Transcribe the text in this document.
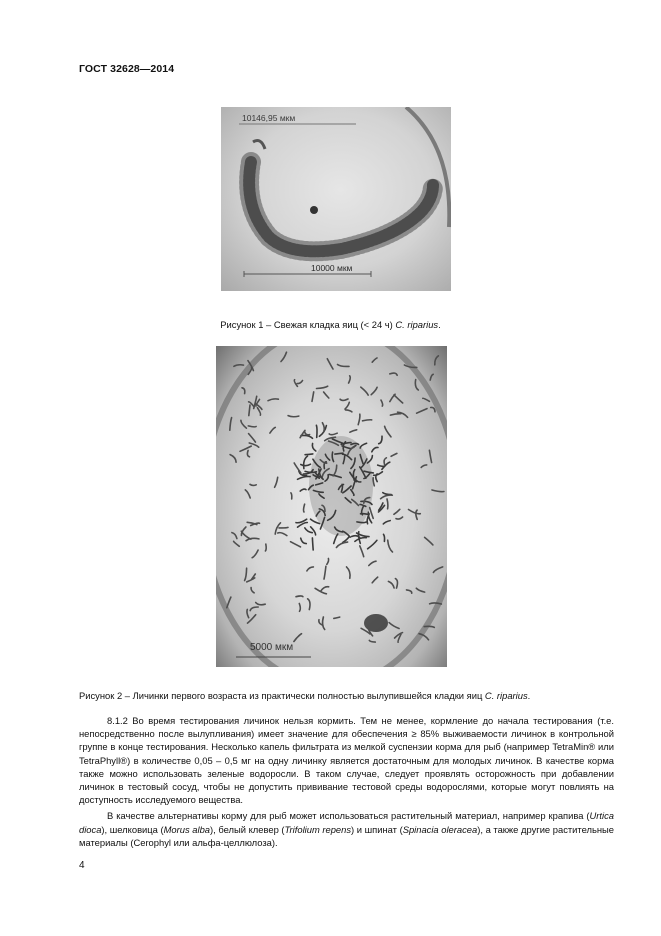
ГОСТ 32628—2014
10146,95 мкм
10000 мкм
Рисунок 1 – Свежая кладка яиц (< 24 ч) C. riparius.
5000 мкм
Рисунок 2 – Личинки первого возраста из практически полностью вылупившейся кладки яиц C. riparius.

8.1.2 Во время тестирования личинок нельзя кормить. Тем не менее, кормление до начала тестирования (т.е. непосредственно после вылупливания) имеет значение для обеспечения ≥ 85% выживаемости личинок в контрольной группе в конце тестирования. Несколько капель фильтрата из мелкой суспензии корма для рыб (например TetraMin® или TetraPhyll®) в количестве 0,05 – 0,5 мг на одну личинку является достаточным для молодых личинок. В качестве корма также можно использовать зеленые водоросли. В таком случае, следует проявлять осторожность при добавлении личинок в тестовый сосуд, чтобы не допустить прививание тестовой среды водорослями, которые могут повлиять на доступность исследуемого вещества.

В качестве альтернативы корму для рыб может использоваться растительный материал, например крапива (Urtica dioca), шелковица (Morus alba), белый клевер (Trifolium repens) и шпинат (Spinacia oleracea), а также другие растительные материалы (Cerophyl или альфа-целлюлоза).

4
